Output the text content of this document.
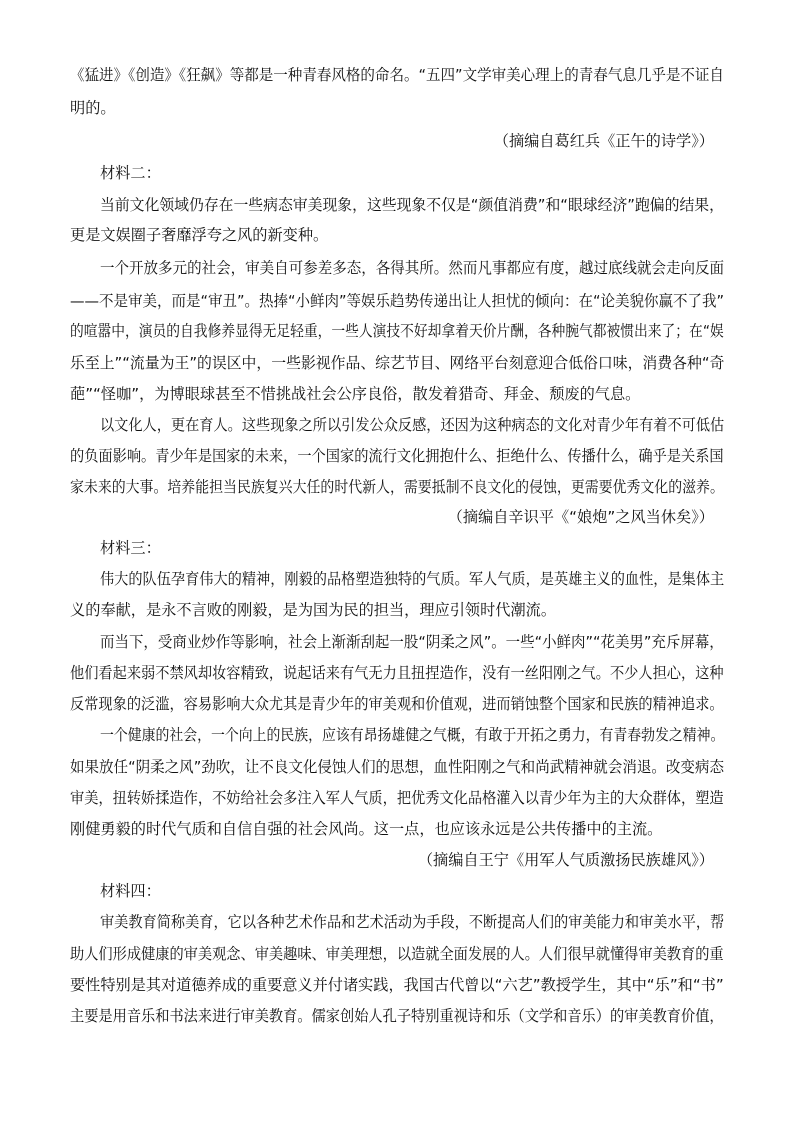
《猛进》《创造》《狂飙》等都是一种青春风格的命名。“五四”文学审美心理上的青春气息几乎是不证自
明的。
（摘编自葛红兵《正午的诗学》）
材料二：
当前文化领域仍存在一些病态审美现象，这些现象不仅是“颜值消费”和“眼球经济”跑偏的结果，
更是文娱圈子奢靡浮夸之风的新变种。
一个开放多元的社会，审美自可参差多态，各得其所。然而凡事都应有度，越过底线就会走向反面
——不是审美，而是“审丑”。热捧“小鲜肉”等娱乐趋势传递出让人担忧的倾向：在“论美貌你赢不了我”
的喧嚣中，演员的自我修养显得无足轻重，一些人演技不好却拿着天价片酬，各种腕气都被惯出来了；在“娱
乐至上”“流量为王”的误区中，一些影视作品、综艺节目、网络平台刻意迎合低俗口味，消费各种“奇
葩”“怪咖”，为博眼球甚至不惜挑战社会公序良俗，散发着猎奇、拜金、颓废的气息。
以文化人，更在育人。这些现象之所以引发公众反感，还因为这种病态的文化对青少年有着不可低估
的负面影响。青少年是国家的未来，一个国家的流行文化拥抱什么、拒绝什么、传播什么，确乎是关系国
家未来的大事。培养能担当民族复兴大任的时代新人，需要抵制不良文化的侵蚀，更需要优秀文化的滋养。
（摘编自辛识平《“娘炮”之风当休矣》）
材料三：
伟大的队伍孕育伟大的精神，刚毅的品格塑造独特的气质。军人气质，是英雄主义的血性，是集体主
义的奉献，是永不言败的刚毅，是为国为民的担当，理应引领时代潮流。
而当下，受商业炒作等影响，社会上渐渐刮起一股“阴柔之风”。一些“小鲜肉”“花美男”充斥屏幕，
他们看起来弱不禁风却妆容精致，说起话来有气无力且扭捏造作，没有一丝阳刚之气。不少人担心，这种
反常现象的泛滥，容易影响大众尤其是青少年的审美观和价值观，进而销蚀整个国家和民族的精神追求。
一个健康的社会，一个向上的民族，应该有昂扬雄健之气概，有敢于开拓之勇力，有青春勃发之精神。
如果放任“阴柔之风”劲吹，让不良文化侵蚀人们的思想，血性阳刚之气和尚武精神就会消退。改变病态
审美，扭转娇揉造作，不妨给社会多注入军人气质，把优秀文化品格灌入以青少年为主的大众群体，塑造
刚健勇毅的时代气质和自信自强的社会风尚。这一点，也应该永远是公共传播中的主流。
（摘编自王宁《用军人气质激扬民族雄风》）
材料四：
审美教育简称美育，它以各种艺术作品和艺术活动为手段，不断提高人们的审美能力和审美水平，帮
助人们形成健康的审美观念、审美趣味、审美理想，以造就全面发展的人。人们很早就懂得审美教育的重
要性特别是其对道德养成的重要意义并付诸实践，我国古代曾以“六艺”教授学生，其中“乐”和“书”
主要是用音乐和书法来进行审美教育。儒家创始人孔子特别重视诗和乐（文学和音乐）的审美教育价值，
